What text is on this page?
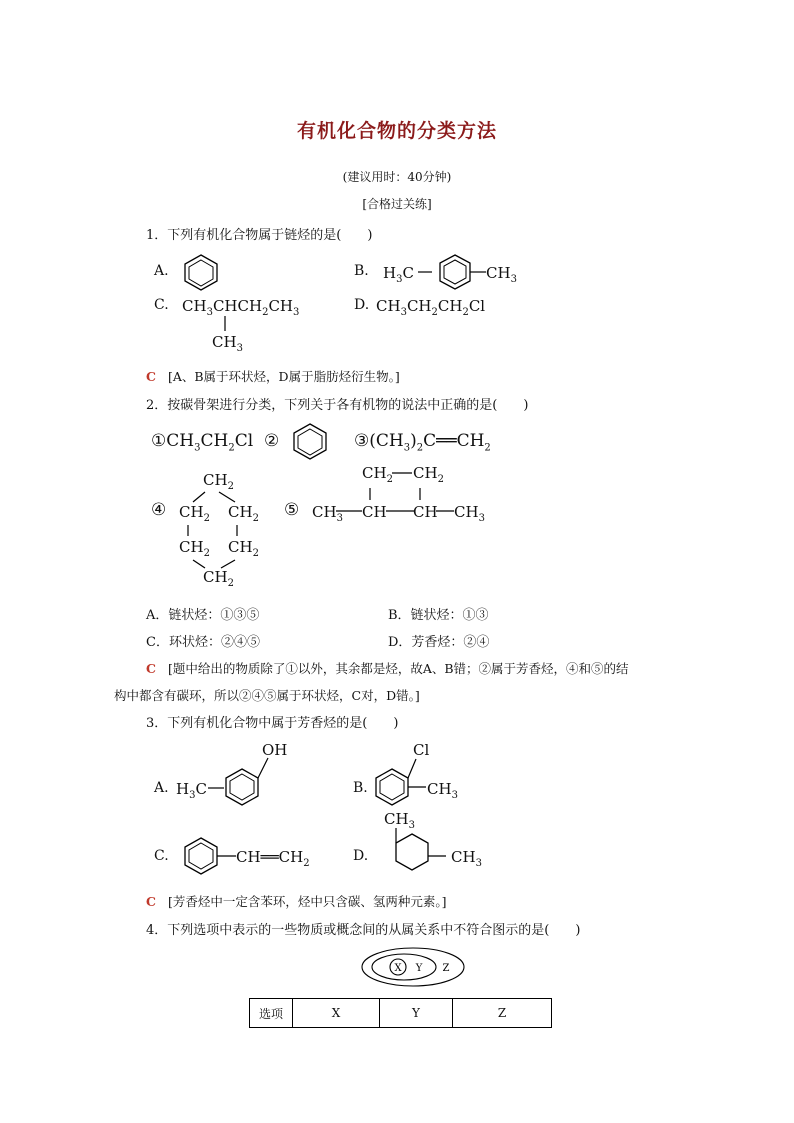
有机化合物的分类方法
(建议用时：40分钟)
[合格过关练]
1．下列有机化合物属于链烃的是(　　)
A.	B. $H_3C$	$CH_3$
C. $CH_3CHCH_2CH_3$
$CH_3$
D. $CH_3CH_2CH_2Cl$
C [A、B属于环状烃，D属于脂肪烃衍生物。]
2．按碳骨架进行分类，下列关于各有机物的说法中正确的是(　　)
$①CH_3CH_2Cl$ ②	$③(CH_3)_2C══CH_2$
④
$CH_2$
$CH_2$ $CH_2$
$CH_2$ $CH_2$
$CH_2$
⑤
$CH_2$ $CH_2$
$CH_3$ CH CH $CH_3$
A．链状烃：①③⑤	B．链状烃：①③
C．环状烃：②④⑤	D．芳香烃：②④
C [题中给出的物质除了①以外，其余都是烃，故A、B错；②属于芳香烃，④和⑤的结
构中都含有碳环，所以②④⑤属于环状烃，C对，D错。]
3．下列有机化合物中属于芳香烃的是(　　)
A. $H_3C$
OH
B.
Cl
$CH_3$
C.	$CH══CH_2$	D.
$CH_3$
$CH_3$
C [芳香烃中一定含苯环，烃中只含碳、氢两种元素。]
4．下列选项中表示的一些物质或概念间的从属关系中不符合图示的是(　　)
X Y Z
选项	X	Y	Z
